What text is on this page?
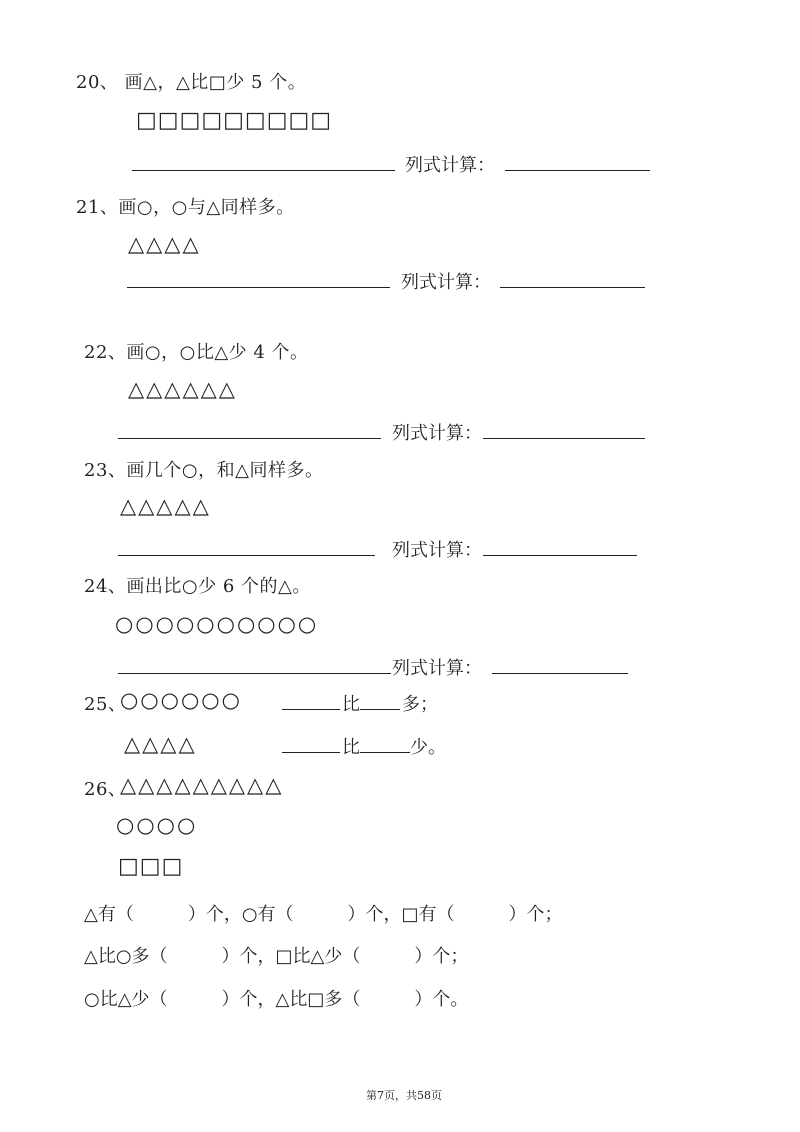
20、 画△，△比□少 5 个。
□□□□□□□□□
列式计算：
21、画○，○与△同样多。
△△△△
列式计算：
22、画○，○比△少 4 个。
△△△△△△
列式计算：
23、画几个○，和△同样多。
△△△△△
列式计算：
24、画出比○少 6 个的△。
○○○○○○○○○○
列式计算：
25、
○○○○○○	比 多；
△△△△	比	少。
26、
△△△△△△△△△
○○○○
□□□
△有（　　　）个，○有（　　　）个，□有（　　　）个；
△比○多（　　　）个，□比△少（　　　）个；
○比△少（　　　）个，△比□多（　　　）个。
第7页，共58页
